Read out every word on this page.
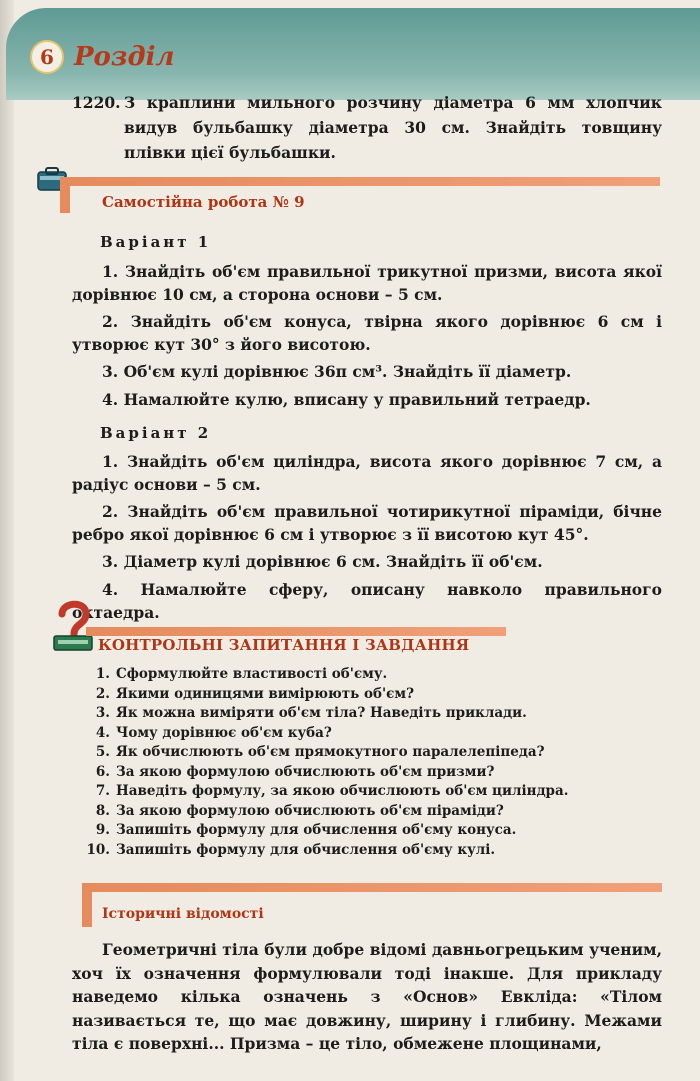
6 Розділ
1220. З краплини мильного розчину діаметра 6 мм хлопчик видув бульбашку діаметра 30 см. Знайдіть товщину плівки цієї бульбашки.
Самостійна робота № 9
Варіант 1
1. Знайдіть об'єм правильної трикутної призми, висота якої дорівнює 10 см, а сторона основи – 5 см.
2. Знайдіть об'єм конуса, твірна якого дорівнює 6 см і утворює кут 30° з його висотою.
3. Об'єм кулі дорівнює 36π см³. Знайдіть її діаметр.
4. Намалюйте кулю, вписану у правильний тетраедр.
Варіант 2
1. Знайдіть об'єм циліндра, висота якого дорівнює 7 см, а радіус основи – 5 см.
2. Знайдіть об'єм правильної чотирикутної піраміди, бічне ребро якої дорівнює 6 см і утворює з її висотою кут 45°.
3. Діаметр кулі дорівнює 6 см. Знайдіть її об'єм.
4. Намалюйте сферу, описану навколо правильного октаедра.
КОНТРОЛЬНІ ЗАПИТАННЯ І ЗАВДАННЯ
1. Сформулюйте властивості об'єму.
2. Якими одиницями вимірюють об'єм?
3. Як можна виміряти об'єм тіла? Наведіть приклади.
4. Чому дорівнює об'єм куба?
5. Як обчислюють об'єм прямокутного паралелепіпеда?
6. За якою формулою обчислюють об'єм призми?
7. Наведіть формулу, за якою обчислюють об'єм циліндра.
8. За якою формулою обчислюють об'єм піраміди?
9. Запишіть формулу для обчислення об'єму конуса.
10. Запишіть формулу для обчислення об'єму кулі.
Історичні відомості
Геометричні тіла були добре відомі давньогрецьким ученим, хоч їх означення формулювали тоді інакше. Для прикладу наведемо кілька означень з «Основ» Евкліда: «Тілом називається те, що має довжину, ширину і глибину. Межами тіла є поверхні... Призма – це тіло, обмежене площинами,
